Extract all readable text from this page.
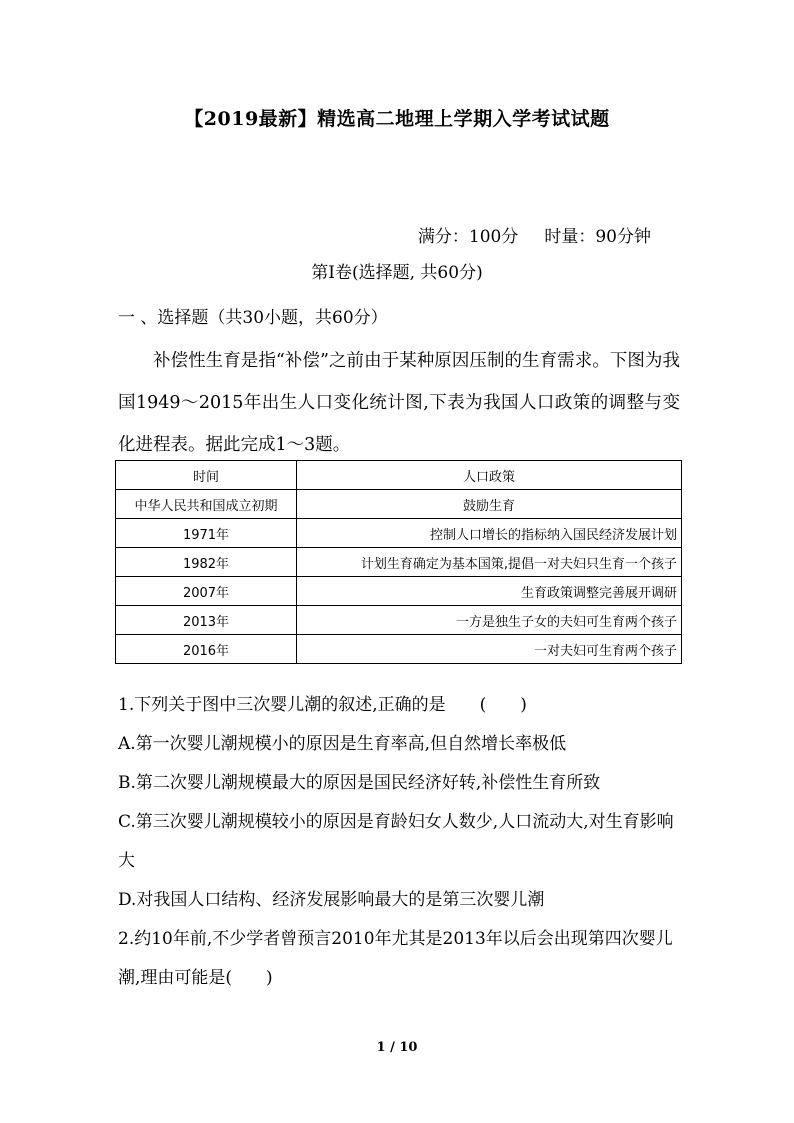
【2019最新】精选高二地理上学期入学考试试题
满分：100分 时量：90分钟
第Ⅰ卷(选择题, 共60分)
一 、选择题（共30小题，共60分）
补偿性生育是指“补偿”之前由于某种原因压制的生育需求。下图为我国1949～2015年出生人口变化统计图,下表为我国人口政策的调整与变化进程表。据此完成1～3题。
时间	人口政策
中华人民共和国成立初期	鼓励生育
1971年	控制人口增长的指标纳入国民经济发展计划
1982年	计划生育确定为基本国策,提倡一对夫妇只生育一个孩子
2007年	生育政策调整完善展开调研
2013年	一方是独生子女的夫妇可生育两个孩子
2016年	一对夫妇可生育两个孩子

1.下列关于图中三次婴儿潮的叙述,正确的是　　(　　)

A.第一次婴儿潮规模小的原因是生育率高,但自然增长率极低

B.第二次婴儿潮规模最大的原因是国民经济好转,补偿性生育所致

C.第三次婴儿潮规模较小的原因是育龄妇女人数少,人口流动大,对生育影响大

D.对我国人口结构、经济发展影响最大的是第三次婴儿潮

2.约10年前,不少学者曾预言2010年尤其是2013年以后会出现第四次婴儿潮,理由可能是(　　)

1 / 10
